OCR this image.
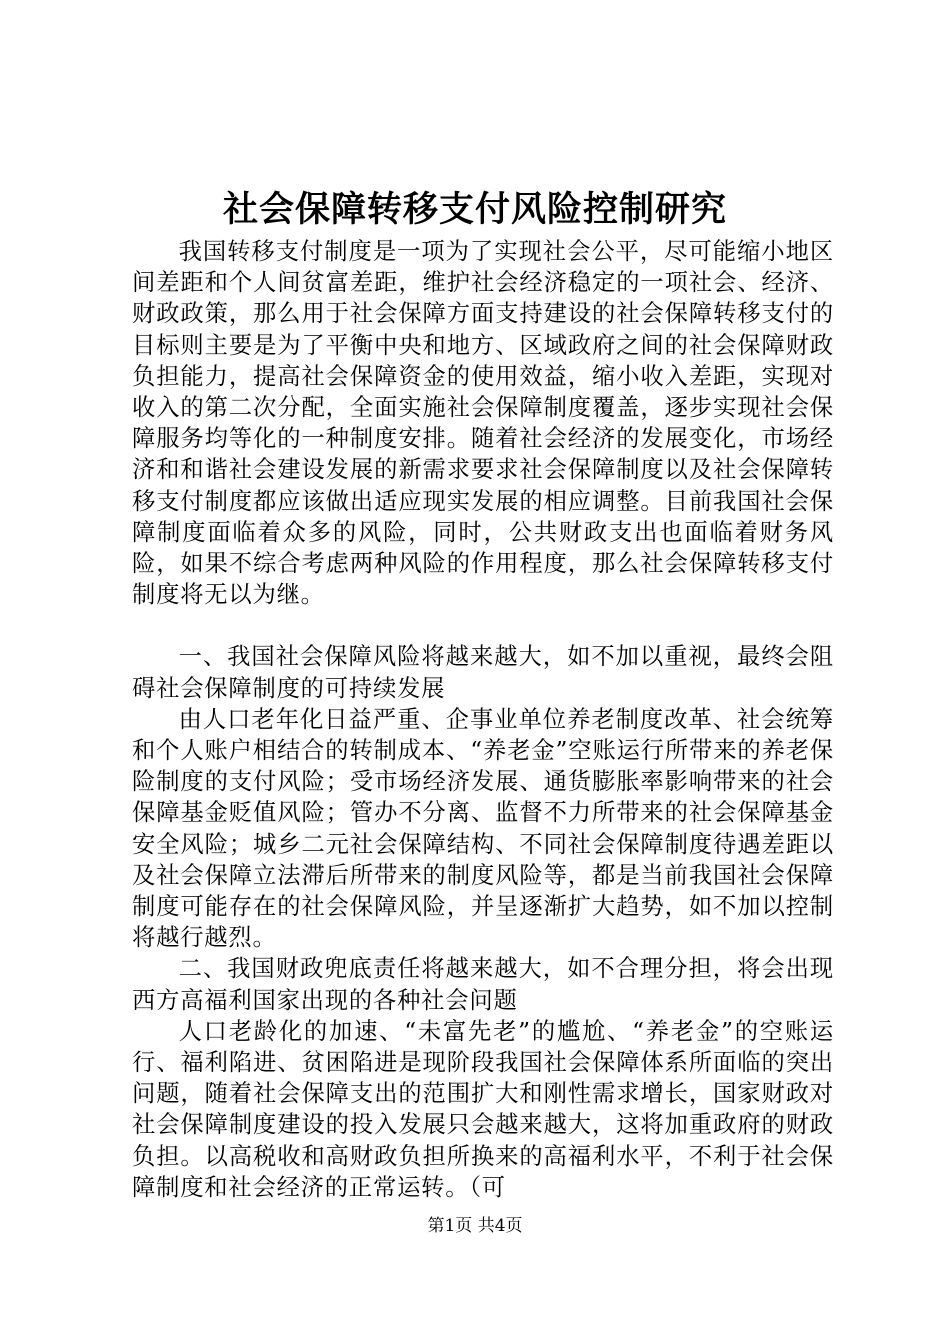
社会保障转移支付风险控制研究

我国转移支付制度是一项为了实现社会公平，尽可能缩小地区间差距和个人间贫富差距，维护社会经济稳定的一项社会、经济、财政政策，那么用于社会保障方面支持建设的社会保障转移支付的目标则主要是为了平衡中央和地方、区域政府之间的社会保障财政负担能力，提高社会保障资金的使用效益，缩小收入差距，实现对收入的第二次分配，全面实施社会保障制度覆盖，逐步实现社会保障服务均等化的一种制度安排。随着社会经济的发展变化，市场经济和和谐社会建设发展的新需求要求社会保障制度以及社会保障转移支付制度都应该做出适应现实发展的相应调整。目前我国社会保障制度面临着众多的风险，同时，公共财政支出也面临着财务风险，如果不综合考虑两种风险的作用程度，那么社会保障转移支付制度将无以为继。

一、我国社会保障风险将越来越大，如不加以重视，最终会阻碍社会保障制度的可持续发展

由人口老年化日益严重、企事业单位养老制度改革、社会统筹和个人账户相结合的转制成本、“养老金”空账运行所带来的养老保险制度的支付风险；受市场经济发展、通货膨胀率影响带来的社会保障基金贬值风险；管办不分离、监督不力所带来的社会保障基金安全风险；城乡二元社会保障结构、不同社会保障制度待遇差距以及社会保障立法滞后所带来的制度风险等，都是当前我国社会保障制度可能存在的社会保障风险，并呈逐渐扩大趋势，如不加以控制将越行越烈。

二、我国财政兜底责任将越来越大，如不合理分担，将会出现西方高福利国家出现的各种社会问题

人口老龄化的加速、“未富先老”的尴尬、“养老金”的空账运行、福利陷进、贫困陷进是现阶段我国社会保障体系所面临的突出问题，随着社会保障支出的范围扩大和刚性需求增长，国家财政对社会保障制度建设的投入发展只会越来越大，这将加重政府的财政负担。以高税收和高财政负担所换来的高福利水平，不利于社会保障制度和社会经济的正常运转。（可

第1页 共4页
